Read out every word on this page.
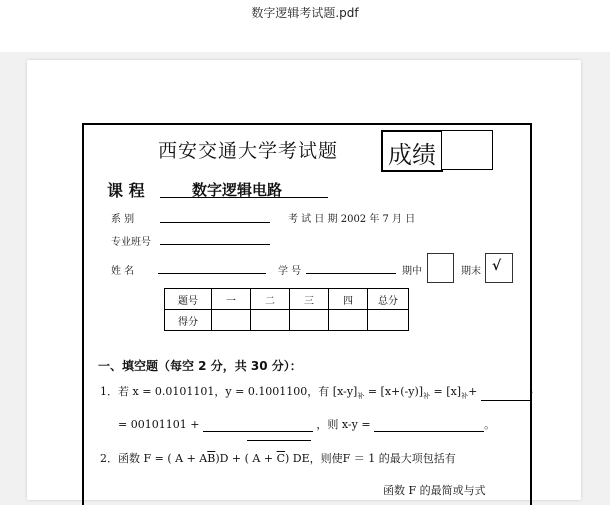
数字逻辑考试题.pdf
西安交通大学考试题 成绩
课 程	数字逻辑电路
系 别	考 试 日 期 2002 年 7 月 日
专业班号
姓 名	学 号	期中	期末 √
题号	一	二	三	四	总分
得分					
一、填空题（每空 2 分，共 30 分）：
1．若 x = 0.0101101，y = 0.1001100，有 $[x-y]_补 = [x+(-y)]_补 = [x]_补+$	.
= 00101101 +	，则 x-y =	。
2．函数 F = ( $A + A\overline{B})D$ + ( $A + \overline{C}$) DE，则使F ＝ 1 的最大项包括有
函数 F 的最简或与式
